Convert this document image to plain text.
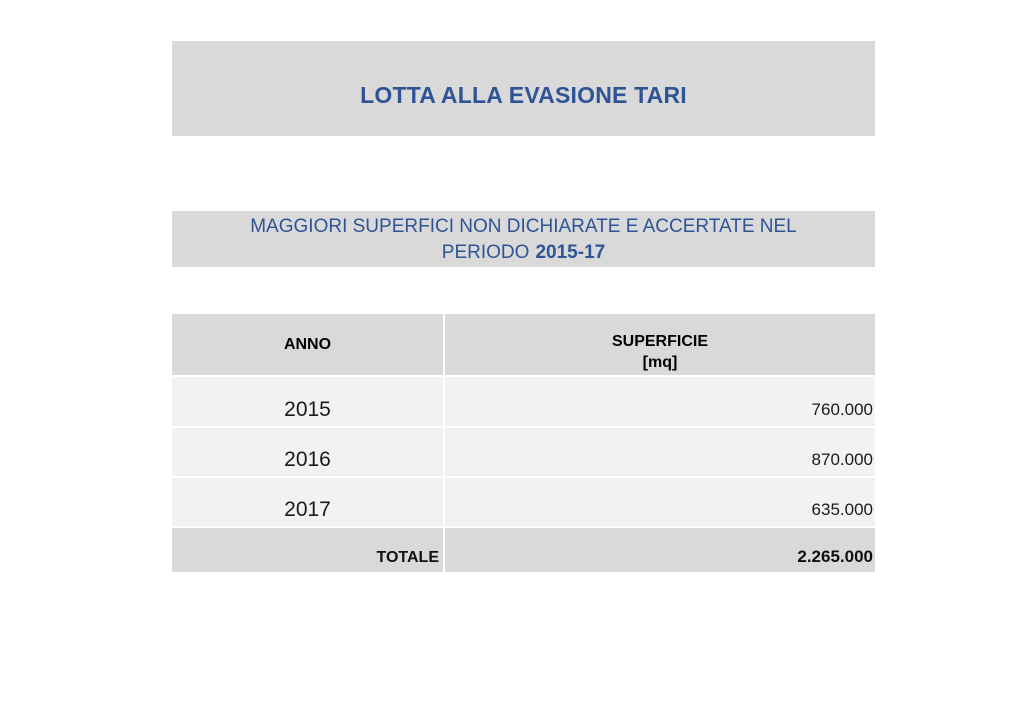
LOTTA ALLA EVASIONE TARI
MAGGIORI SUPERFICI NON DICHIARATE E ACCERTATE NEL
PERIODO 2015-17
ANNO	SUPERFICIE
[mq]
2015	760.000
2016	870.000
2017	635.000
TOTALE	2.265.000
